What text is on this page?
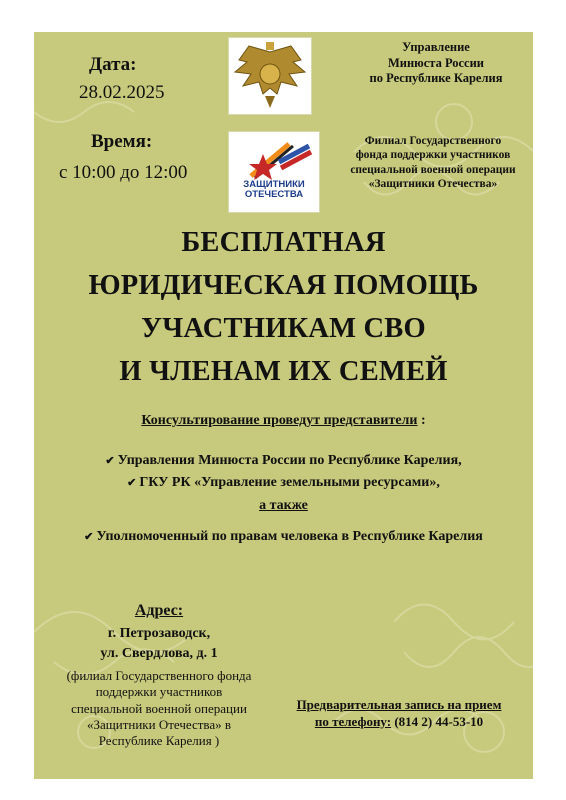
Дата:
28.02.2025
Время:
с 10:00 до 12:00
Управление
Минюста России
по Республике Карелия
ЗАЩИТНИКИ
ОТЕЧЕСТВА
Филиал Государственного
фонда поддержки участников
специальной военной операции
«Защитники Отечества»
БЕСПЛАТНАЯ
ЮРИДИЧЕСКАЯ ПОМОЩЬ
УЧАСТНИКАМ СВО
И ЧЛЕНАМ ИХ СЕМЕЙ
Консультирование проведут представители :
✔ Управления Минюста России по Республике Карелия,
✔ ГКУ РК «Управление земельными ресурсами»,
а также
✔ Уполномоченный по правам человека в Республике Карелия
Адрес:
г. Петрозаводск,
ул. Свердлова, д. 1
(филиал Государственного фонда
поддержки участников
специальной военной операции
«Защитники Отечества» в
Республике Карелия )
Предварительная запись на прием
по телефону: (814 2) 44-53-10
